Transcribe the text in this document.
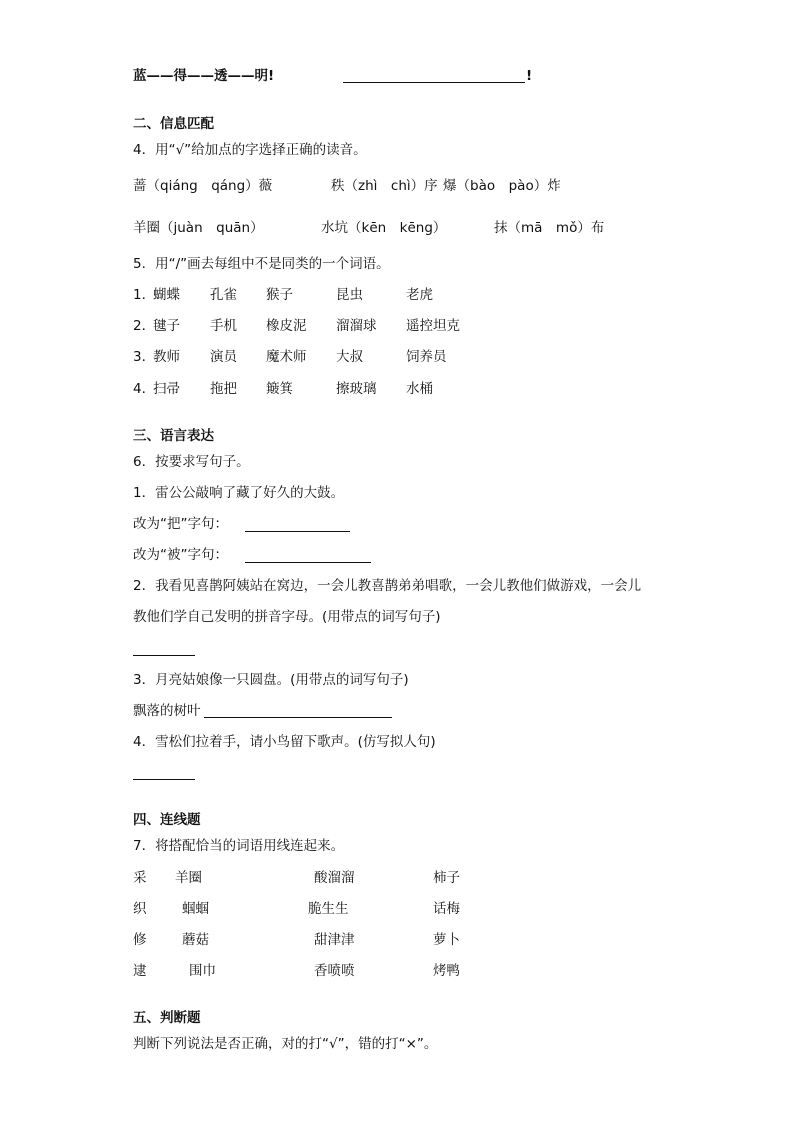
蓝——得——透——明!	!
二、信息匹配
4．用“√”给加点的字选择正确的读音。
蔷（qiáng　qáng）薇	秩（zhì　chì）序 爆（bào　pào）炸
羊圈（juàn　quān）	水坑（kēn　kēng）	抹（mā　mǒ）布
5．用“/”画去每组中不是同类的一个词语。
1．
蝴蝶 孔雀 猴子	昆虫	老虎
2．
毽子 手机 橡皮泥 溜溜球 遥控坦克
3．
教师 演员 魔术师 大叔	饲养员
4．
扫帚 拖把 簸箕	擦玻璃 水桶
三、语言表达
6．按要求写句子。
1．雷公公敲响了藏了好久的大鼓。
改为“把”字句：
改为“被”字句：
2．我看见喜鹊阿姨站在窝边，一会儿教喜鹊弟弟唱歌，一会儿教他们做游戏，一会儿
教他们学自己发明的拼音字母。(用带点的词写句子)
3．月亮姑娘像一只圆盘。(用带点的词写句子)
飘落的树叶
4．雪松们拉着手，请小鸟留下歌声。(仿写拟人句)
四、连线题
7．将搭配恰当的词语用线连起来。
采 羊圈	酸溜溜	柿子
织	蝈蝈	脆生生	话梅
修	蘑菇	甜津津	萝卜
逮	围巾	香喷喷	烤鸭
五、判断题
判断下列说法是否正确，对的打“√”，错的打“×”。
